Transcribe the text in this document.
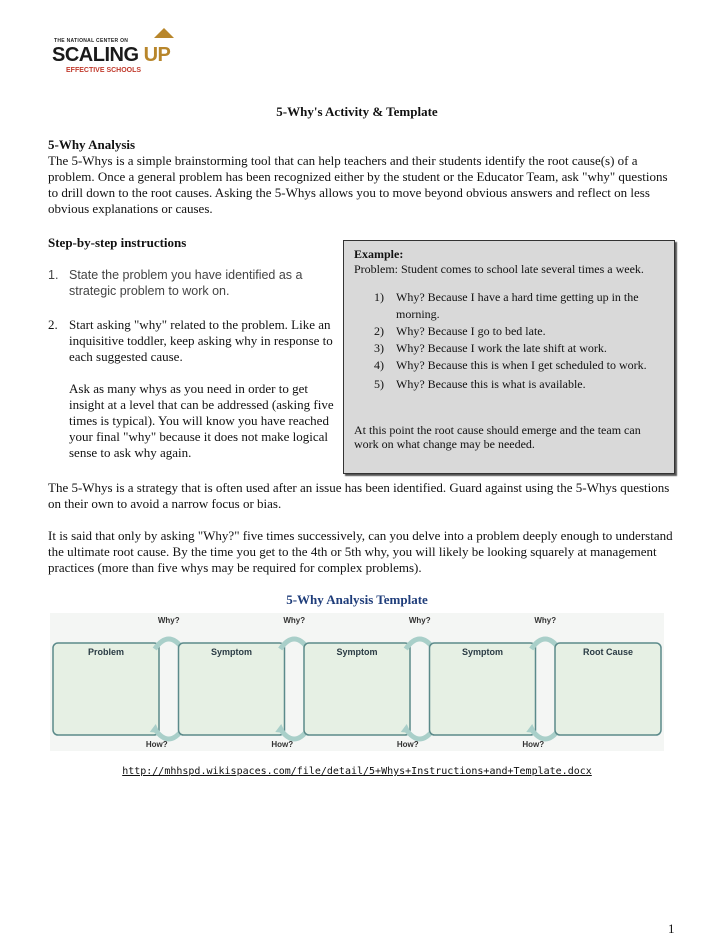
THE NATIONAL CENTER ON
SCALING UP
EFFECTIVE SCHOOLS
5-Why's Activity & Template
5-Why Analysis
The 5-Whys is a simple brainstorming tool that can help teachers and their students identify the root cause(s) of a problem. Once a general problem has been recognized either by the student or the Educator Team, ask "why" questions to drill down to the root causes. Asking the 5-Whys allows you to move beyond obvious answers and reflect on less obvious explanations or causes.
Step-by-step instructions
1. State the problem you have identified as a strategic problem to work on.
2. Start asking "why" related to the problem. Like an inquisitive toddler, keep asking why in response to each suggested cause.
Ask as many whys as you need in order to get insight at a level that can be addressed (asking five times is typical). You will know you have reached your final "why" because it does not make logical sense to ask why again.
Example:
Problem: Student comes to school late several times a week.
1) Why? Because I have a hard time getting up in the morning.
2) Why? Because I go to bed late.
3) Why? Because I work the late shift at work.
4) Why? Because this is when I get scheduled to work.
5) Why? Because this is what is available.
At this point the root cause should emerge and the team can work on what change may be needed.
The 5-Whys is a strategy that is often used after an issue has been identified. Guard against using the 5-Whys questions on their own to avoid a narrow focus or bias.
It is said that only by asking "Why?" five times successively, can you delve into a problem deeply enough to understand the ultimate root cause. By the time you get to the 4th or 5th why, you will likely be looking squarely at management practices (more than five whys may be required for complex problems).
5-Why Analysis Template
Problem
Why?
How?
Symptom
Why?
How?
Symptom
Why?
How?
Symptom
Why?
How?
Root Cause
http://mhhspd.wikispaces.com/file/detail/5+Whys+Instructions+and+Template.docx
1
